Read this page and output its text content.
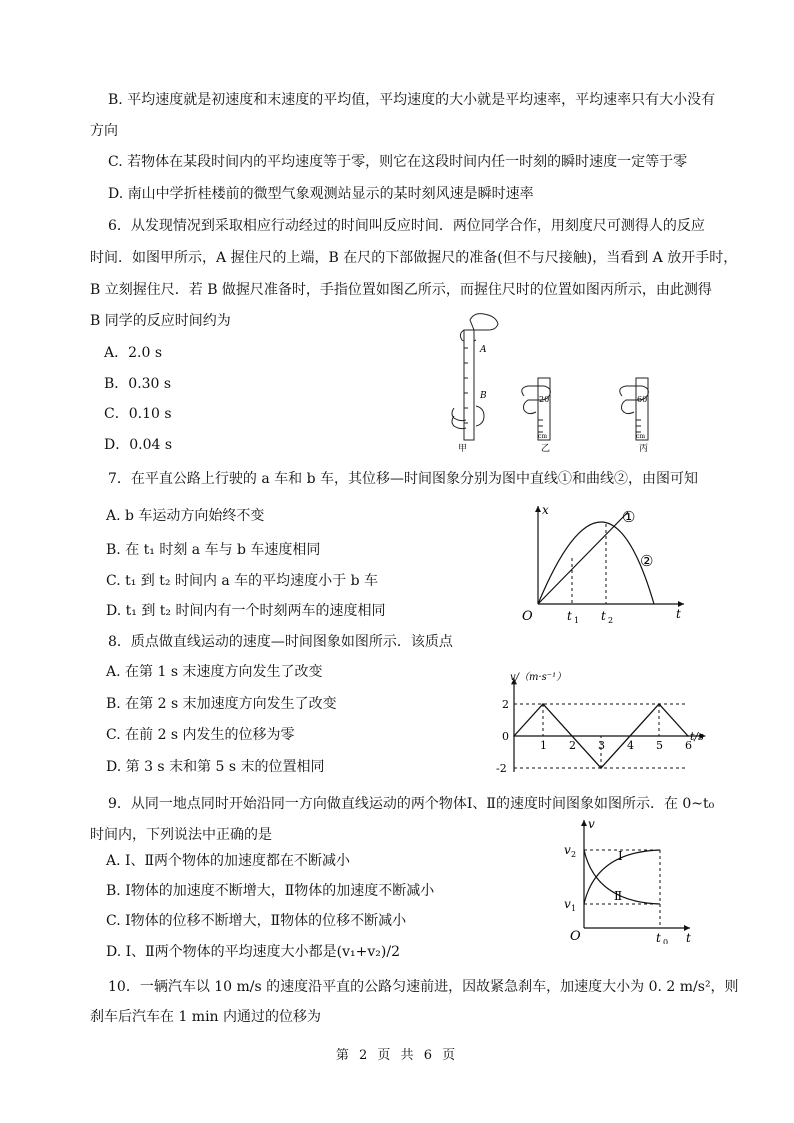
B. 平均速度就是初速度和末速度的平均值，平均速度的大小就是平均速率，平均速率只有大小没有
方向
C. 若物体在某段时间内的平均速度等于零，则它在这段时间内任一时刻的瞬时速度一定等于零
D. 南山中学折桂楼前的微型气象观测站显示的某时刻风速是瞬时速率
6．从发现情况到采取相应行动经过的时间叫反应时间．两位同学合作，用刻度尺可测得人的反应
时间．如图甲所示，A 握住尺的上端，B 在尺的下部做握尺的准备(但不与尺接触)，当看到 A 放开手时，
B 立刻握住尺．若 B 做握尺准备时，手指位置如图乙所示，而握住尺时的位置如图丙所示，由此测得
B 同学的反应时间约为
A．2.0 s
B．0.30 s
C．0.10 s
D．0.04 s
A
B
甲
20
cm
乙
60
cm
丙
7．在平直公路上行驶的 a 车和 b 车，其位移—时间图象分别为图中直线①和曲线②，由图可知
A. b 车运动方向始终不变
B. 在 t₁ 时刻 a 车与 b 车速度相同
C. t₁ 到 t₂ 时间内 a 车的平均速度小于 b 车
D. t₁ 到 t₂ 时间内有一个时刻两车的速度相同
x
t
O	t 1 t 2
①
②
8．质点做直线运动的速度—时间图象如图所示．该质点
A. 在第 1 s 末速度方向发生了改变
B. 在第 2 s 末加速度方向发生了改变
C. 在前 2 s 内发生的位移为零
D. 第 3 s 末和第 5 s 末的位置相同
1 2 3 4 5 6
2
0
-2
v/（m·s⁻¹）
t/s
9．从同一地点同时开始沿同一方向做直线运动的两个物体Ⅰ、Ⅱ的速度时间图象如图所示．在 0~t₀
时间内，下列说法中正确的是
A. Ⅰ、Ⅱ两个物体的加速度都在不断减小
B. Ⅰ物体的加速度不断增大，Ⅱ物体的加速度不断减小
C. Ⅰ物体的位移不断增大，Ⅱ物体的位移不断减小
D. Ⅰ、Ⅱ两个物体的平均速度大小都是(v₁+v₂)/2
v
t
O
v 2
v 1
t 0
Ⅰ
Ⅱ
10．一辆汽车以 10 m/s 的速度沿平直的公路匀速前进，因故紧急刹车，加速度大小为 0. 2 m/s²，则
刹车后汽车在 1 min 内通过的位移为
第 2 页 共 6 页
